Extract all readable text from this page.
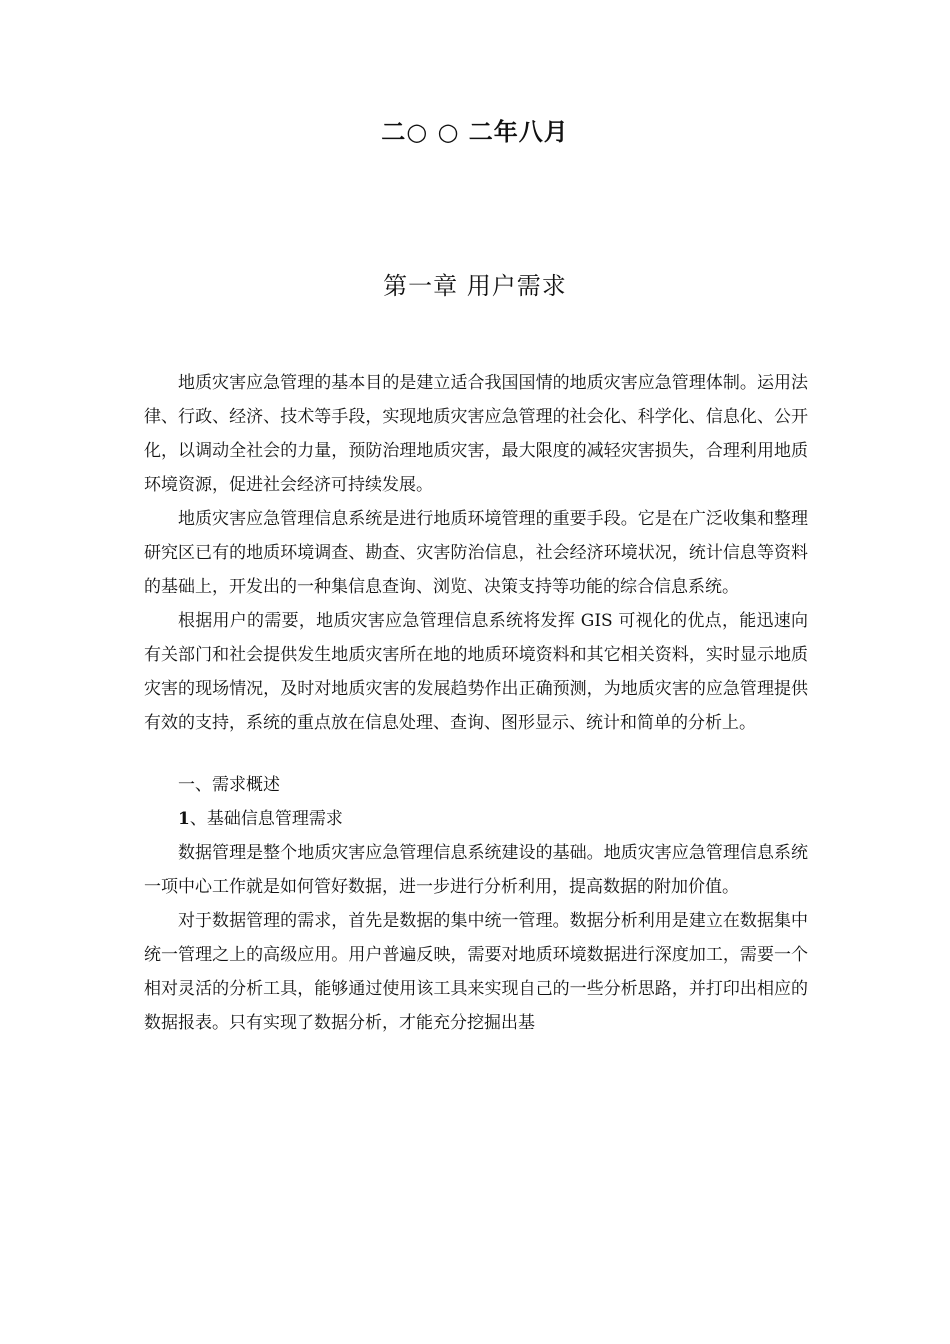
二○ ○ 二年八月
第一章 用户需求

地质灾害应急管理的基本目的是建立适合我国国情的地质灾害应急管理体制。运用法律、行政、经济、技术等手段，实现地质灾害应急管理的社会化、科学化、信息化、公开化，以调动全社会的力量，预防治理地质灾害，最大限度的减轻灾害损失，合理利用地质环境资源，促进社会经济可持续发展。

地质灾害应急管理信息系统是进行地质环境管理的重要手段。它是在广泛收集和整理研究区已有的地质环境调查、勘查、灾害防治信息，社会经济环境状况，统计信息等资料的基础上，开发出的一种集信息查询、浏览、决策支持等功能的综合信息系统。

根据用户的需要，地质灾害应急管理信息系统将发挥 GIS 可视化的优点，能迅速向有关部门和社会提供发生地质灾害所在地的地质环境资料和其它相关资料，实时显示地质灾害的现场情况，及时对地质灾害的发展趋势作出正确预测，为地质灾害的应急管理提供有效的支持，系统的重点放在信息处理、查询、图形显示、统计和简单的分析上。

一、需求概述

1、基础信息管理需求

数据管理是整个地质灾害应急管理信息系统建设的基础。地质灾害应急管理信息系统一项中心工作就是如何管好数据，进一步进行分析利用，提高数据的附加价值。

对于数据管理的需求，首先是数据的集中统一管理。数据分析利用是建立在数据集中统一管理之上的高级应用。用户普遍反映，需要对地质环境数据进行深度加工，需要一个相对灵活的分析工具，能够通过使用该工具来实现自己的一些分析思路，并打印出相应的数据报表。只有实现了数据分析，才能充分挖掘出基
